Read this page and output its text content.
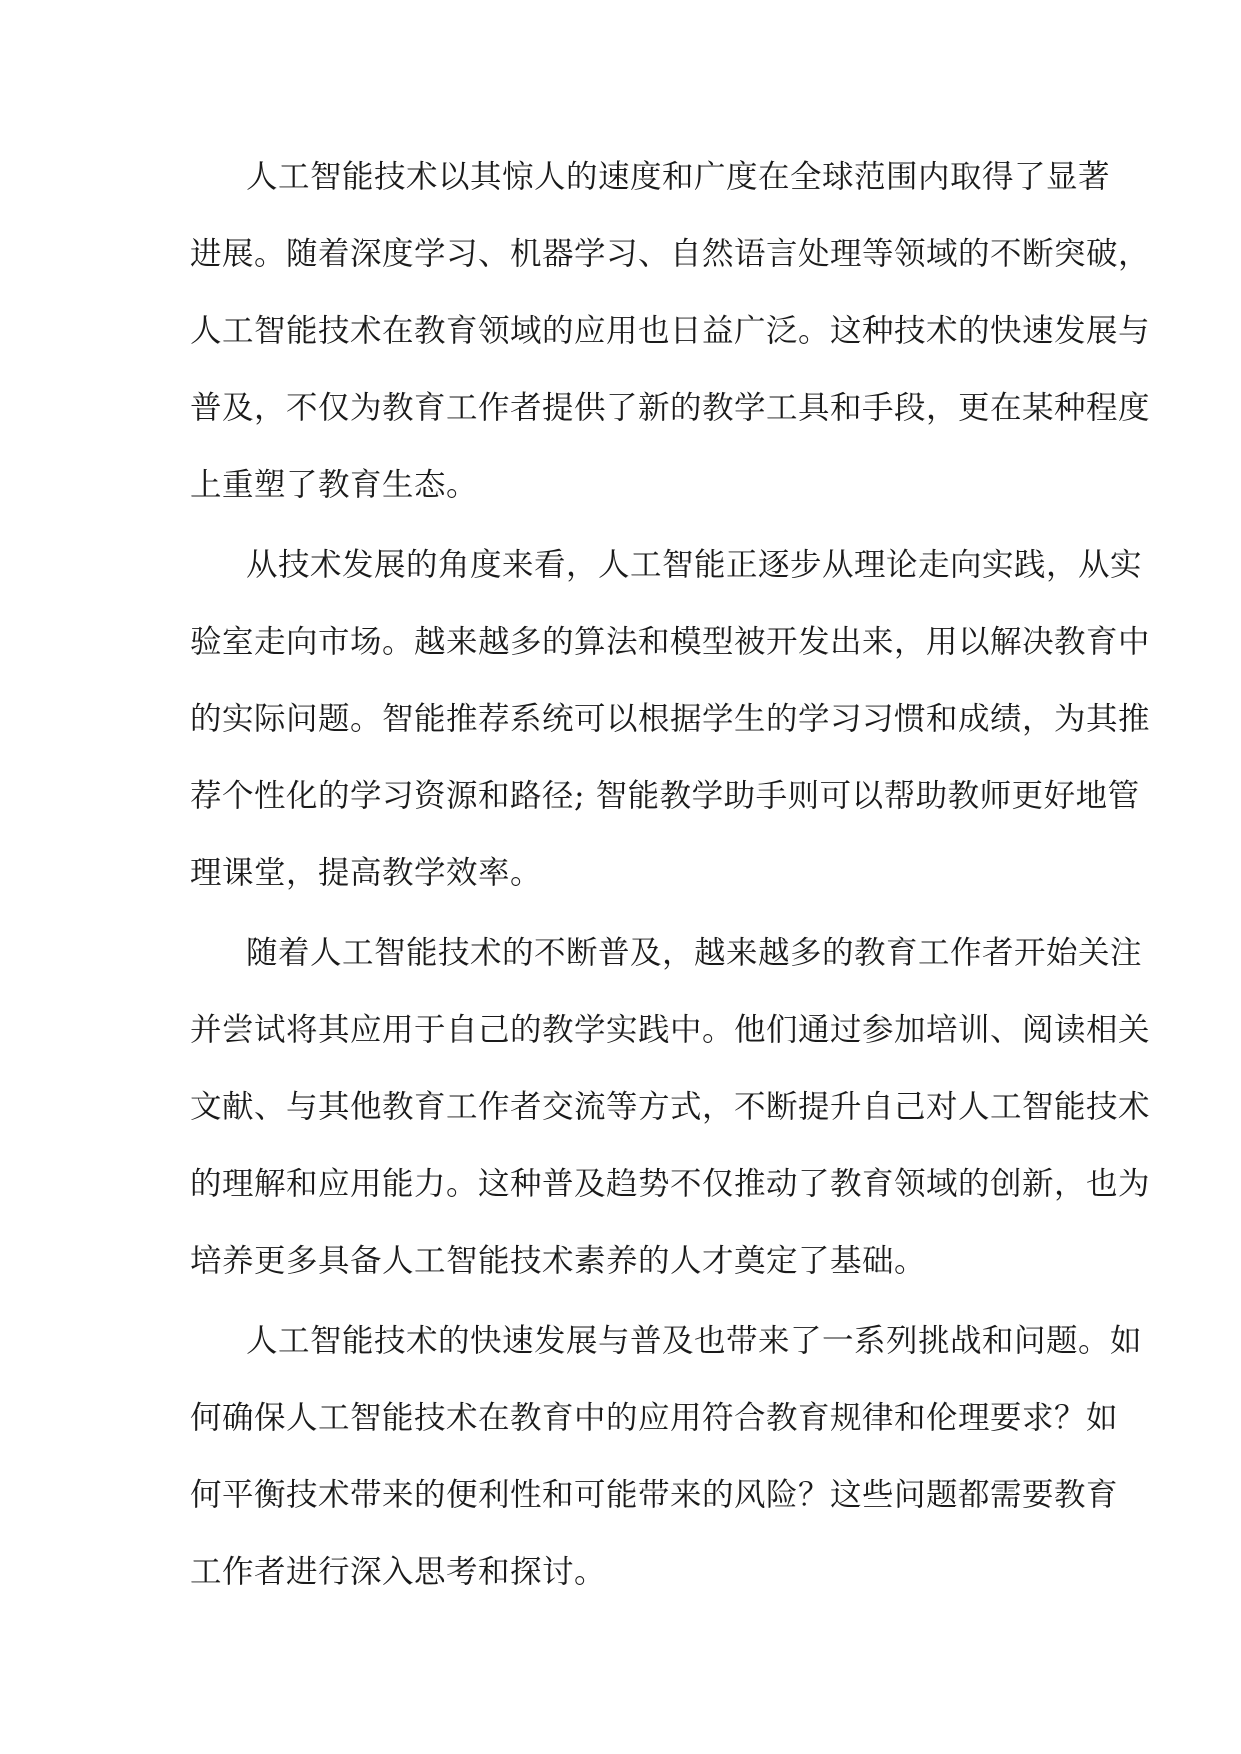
人工智能技术以其惊人的速度和广度在全球范围内取得了显著
进展。随着深度学习、机器学习、自然语言处理等领域的不断突破，
人工智能技术在教育领域的应用也日益广泛。这种技术的快速发展与
普及，不仅为教育工作者提供了新的教学工具和手段，更在某种程度
上重塑了教育生态。
从技术发展的角度来看，人工智能正逐步从理论走向实践，从实
验室走向市场。越来越多的算法和模型被开发出来，用以解决教育中
的实际问题。智能推荐系统可以根据学生的学习习惯和成绩，为其推
荐个性化的学习资源和路径; 智能教学助手则可以帮助教师更好地管
理课堂，提高教学效率。
随着人工智能技术的不断普及，越来越多的教育工作者开始关注
并尝试将其应用于自己的教学实践中。他们通过参加培训、阅读相关
文献、与其他教育工作者交流等方式，不断提升自己对人工智能技术
的理解和应用能力。这种普及趋势不仅推动了教育领域的创新，也为
培养更多具备人工智能技术素养的人才奠定了基础。
人工智能技术的快速发展与普及也带来了一系列挑战和问题。如
何确保人工智能技术在教育中的应用符合教育规律和伦理要求？如
何平衡技术带来的便利性和可能带来的风险？这些问题都需要教育
工作者进行深入思考和探讨。
